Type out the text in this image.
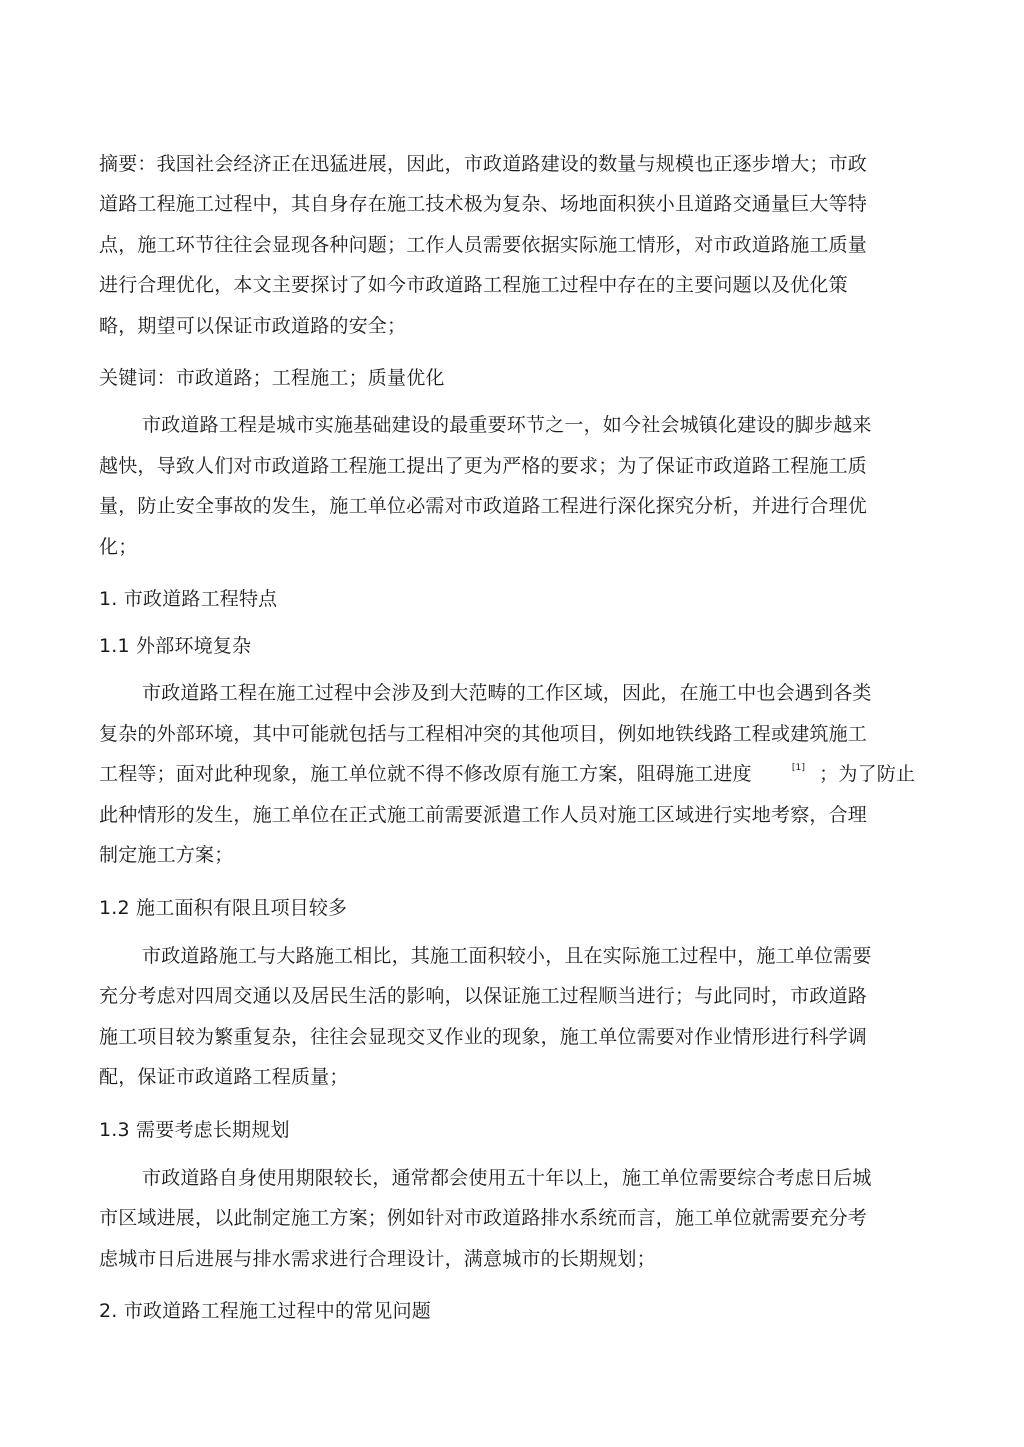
摘要：我国社会经济正在迅猛进展，因此，市政道路建设的数量与规模也正逐步增大；市政
道路工程施工过程中，其自身存在施工技术极为复杂、场地面积狭小且道路交通量巨大等特
点，施工环节往往会显现各种问题；工作人员需要依据实际施工情形，对市政道路施工质量
进行合理优化，本文主要探讨了如今市政道路工程施工过程中存在的主要问题以及优化策
略，期望可以保证市政道路的安全；
关键词：市政道路；工程施工；质量优化
市政道路工程是城市实施基础建设的最重要环节之一，如今社会城镇化建设的脚步越来
越快，导致人们对市政道路工程施工提出了更为严格的要求；为了保证市政道路工程施工质
量，防止安全事故的发生，施工单位必需对市政道路工程进行深化探究分析，并进行合理优
化；
1. 市政道路工程特点
1.1 外部环境复杂
市政道路工程在施工过程中会涉及到大范畴的工作区域，因此，在施工中也会遇到各类
复杂的外部环境，其中可能就包括与工程相冲突的其他项目，例如地铁线路工程或建筑施工
工程等；面对此种现象，施工单位就不得不修改原有施工方案，阻碍施工进度	[1] ；为了防止
此种情形的发生，施工单位在正式施工前需要派遣工作人员对施工区域进行实地考察，合理
制定施工方案；
1.2 施工面积有限且项目较多
市政道路施工与大路施工相比，其施工面积较小，且在实际施工过程中，施工单位需要
充分考虑对四周交通以及居民生活的影响，以保证施工过程顺当进行；与此同时，市政道路
施工项目较为繁重复杂，往往会显现交叉作业的现象，施工单位需要对作业情形进行科学调
配，保证市政道路工程质量；
1.3 需要考虑长期规划
市政道路自身使用期限较长，通常都会使用五十年以上，施工单位需要综合考虑日后城
市区域进展，以此制定施工方案；例如针对市政道路排水系统而言，施工单位就需要充分考
虑城市日后进展与排水需求进行合理设计，满意城市的长期规划；
2. 市政道路工程施工过程中的常见问题
